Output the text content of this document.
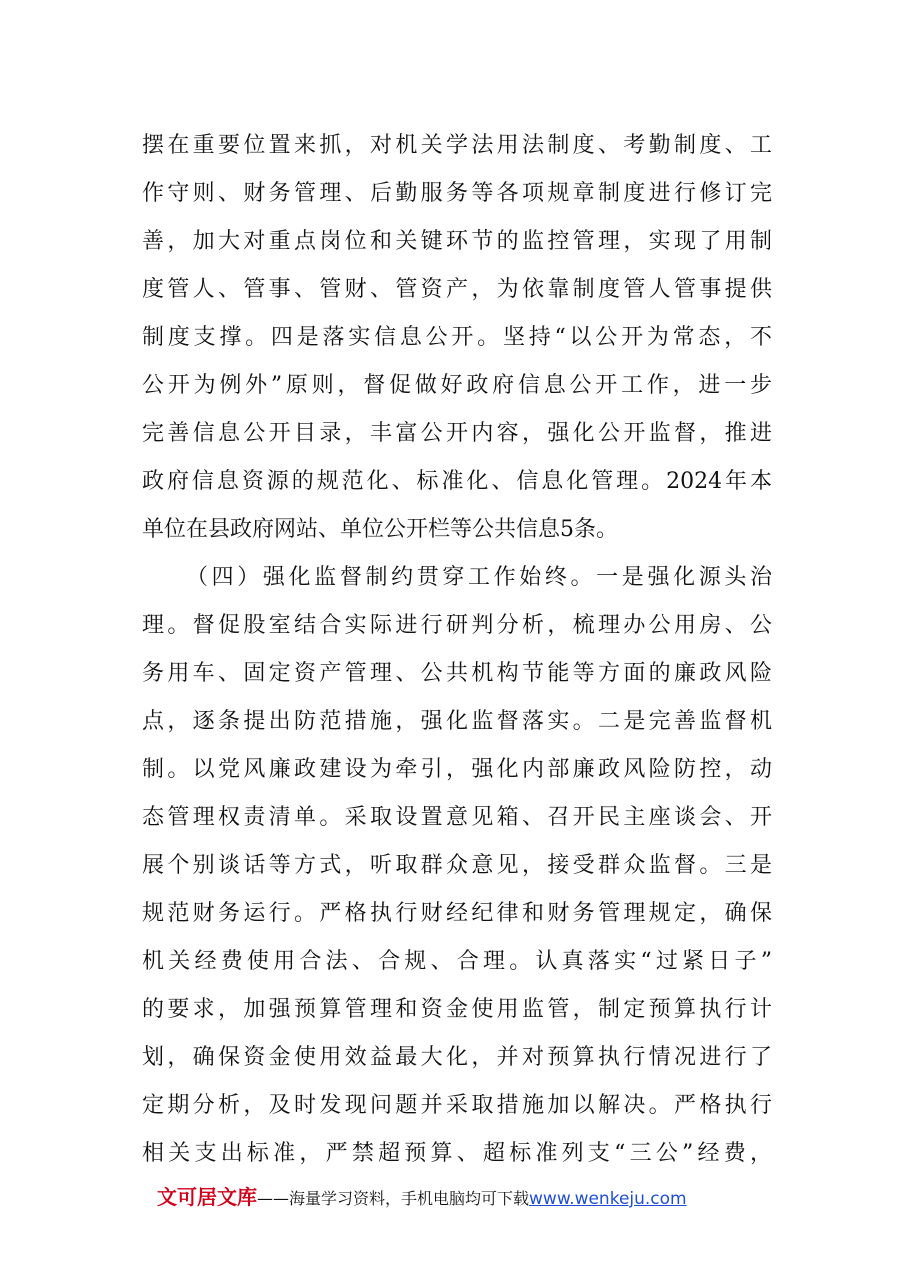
摆在重要位置来抓，对机关学法用法制度、考勤制度、工
作守则、财务管理、后勤服务等各项规章制度进行修订完
善，加大对重点岗位和关键环节的监控管理，实现了用制
度管人、管事、管财、管资产，为依靠制度管人管事提供
制度支撑。四是落实信息公开。坚持“以公开为常态，不
公开为例外”原则，督促做好政府信息公开工作，进一步
完善信息公开目录，丰富公开内容，强化公开监督，推进
政府信息资源的规范化、标准化、信息化管理。2024年本
单位在县政府网站、单位公开栏等公共信息5条。
（四）强化监督制约贯穿工作始终。一是强化源头治
理。督促股室结合实际进行研判分析，梳理办公用房、公
务用车、固定资产管理、公共机构节能等方面的廉政风险
点，逐条提出防范措施，强化监督落实。二是完善监督机
制。以党风廉政建设为牵引，强化内部廉政风险防控，动
态管理权责清单。采取设置意见箱、召开民主座谈会、开
展个别谈话等方式，听取群众意见，接受群众监督。三是
规范财务运行。严格执行财经纪律和财务管理规定，确保
机关经费使用合法、合规、合理。认真落实“过紧日子”
的要求，加强预算管理和资金使用监管，制定预算执行计
划，确保资金使用效益最大化，并对预算执行情况进行了
定期分析，及时发现问题并采取措施加以解决。严格执行
相关支出标准，严禁超预算、超标准列支“三公”经费，
文可居文库——海量学习资料，手机电脑均可下载www.wenkeju.com
